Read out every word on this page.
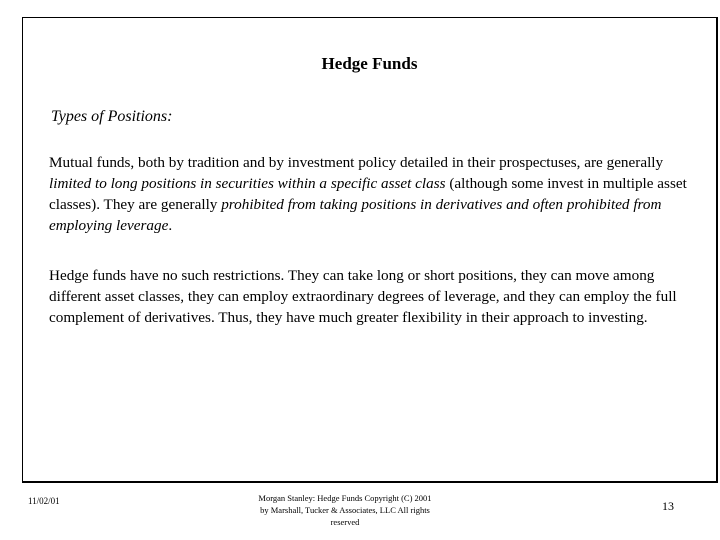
Hedge Funds
Types of Positions:
Mutual funds, both by tradition and by investment policy detailed in their prospectuses, are generally limited to long positions in securities within a specific asset class (although some invest in multiple asset classes). They are generally prohibited from taking positions in derivatives and often prohibited from employing leverage.
Hedge funds have no such restrictions. They can take long or short positions, they can move among different asset classes, they can employ extraordinary degrees of leverage, and they can employ the full complement of derivatives. Thus, they have much greater flexibility in their approach to investing.
11/02/01	Morgan Stanley: Hedge Funds Copyright (C) 2001
by Marshall, Tucker & Associates, LLC All rights
reserved
13
